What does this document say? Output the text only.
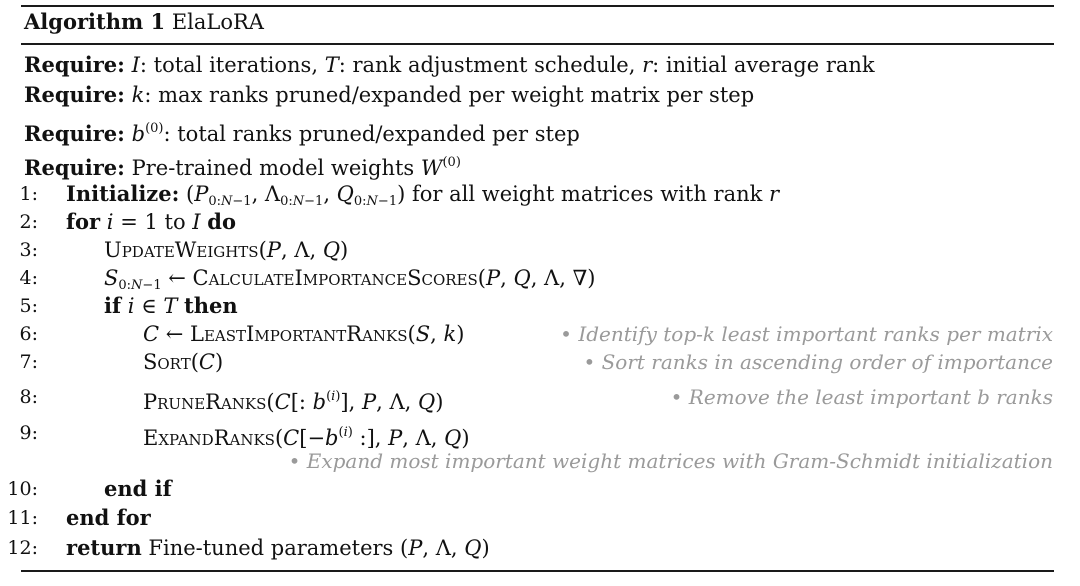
Algorithm 1 ElaLoRA
Require: I: total iterations, T: rank adjustment schedule, r: initial average rank
Require: k: max ranks pruned/expanded per weight matrix per step
Require: $b^{(0)}$: total ranks pruned/expanded per step
Require: Pre-trained model weights $W^{(0)}$
1: Initialize: ($P_{0:N-1}$, $\Lambda_{0:N-1}$, $Q_{0:N-1}$) for all weight matrices with rank r
2: for i = 1 to I do
3:	UpdateWeights(P, Λ, Q)
4:	$S_{0:N-1}$ ← CalculateImportanceScores(P, Q, Λ, ∇)
5:	if i ∈ T then
6:	C ← LeastImportantRanks(S, k)	• Identify top-k least important ranks per matrix
7:	Sort(C)	• Sort ranks in ascending order of importance
8:	PruneRanks(C[: $b^{(i)}$], P, Λ, Q)	• Remove the least important b ranks
9:	$ExpandRanks(C[-b^{(i)}$ :], P, Λ, Q)
• Expand most important weight matrices with Gram-Schmidt initialization
10:	end if
11: end for
12: return Fine-tuned parameters (P, Λ, Q)
